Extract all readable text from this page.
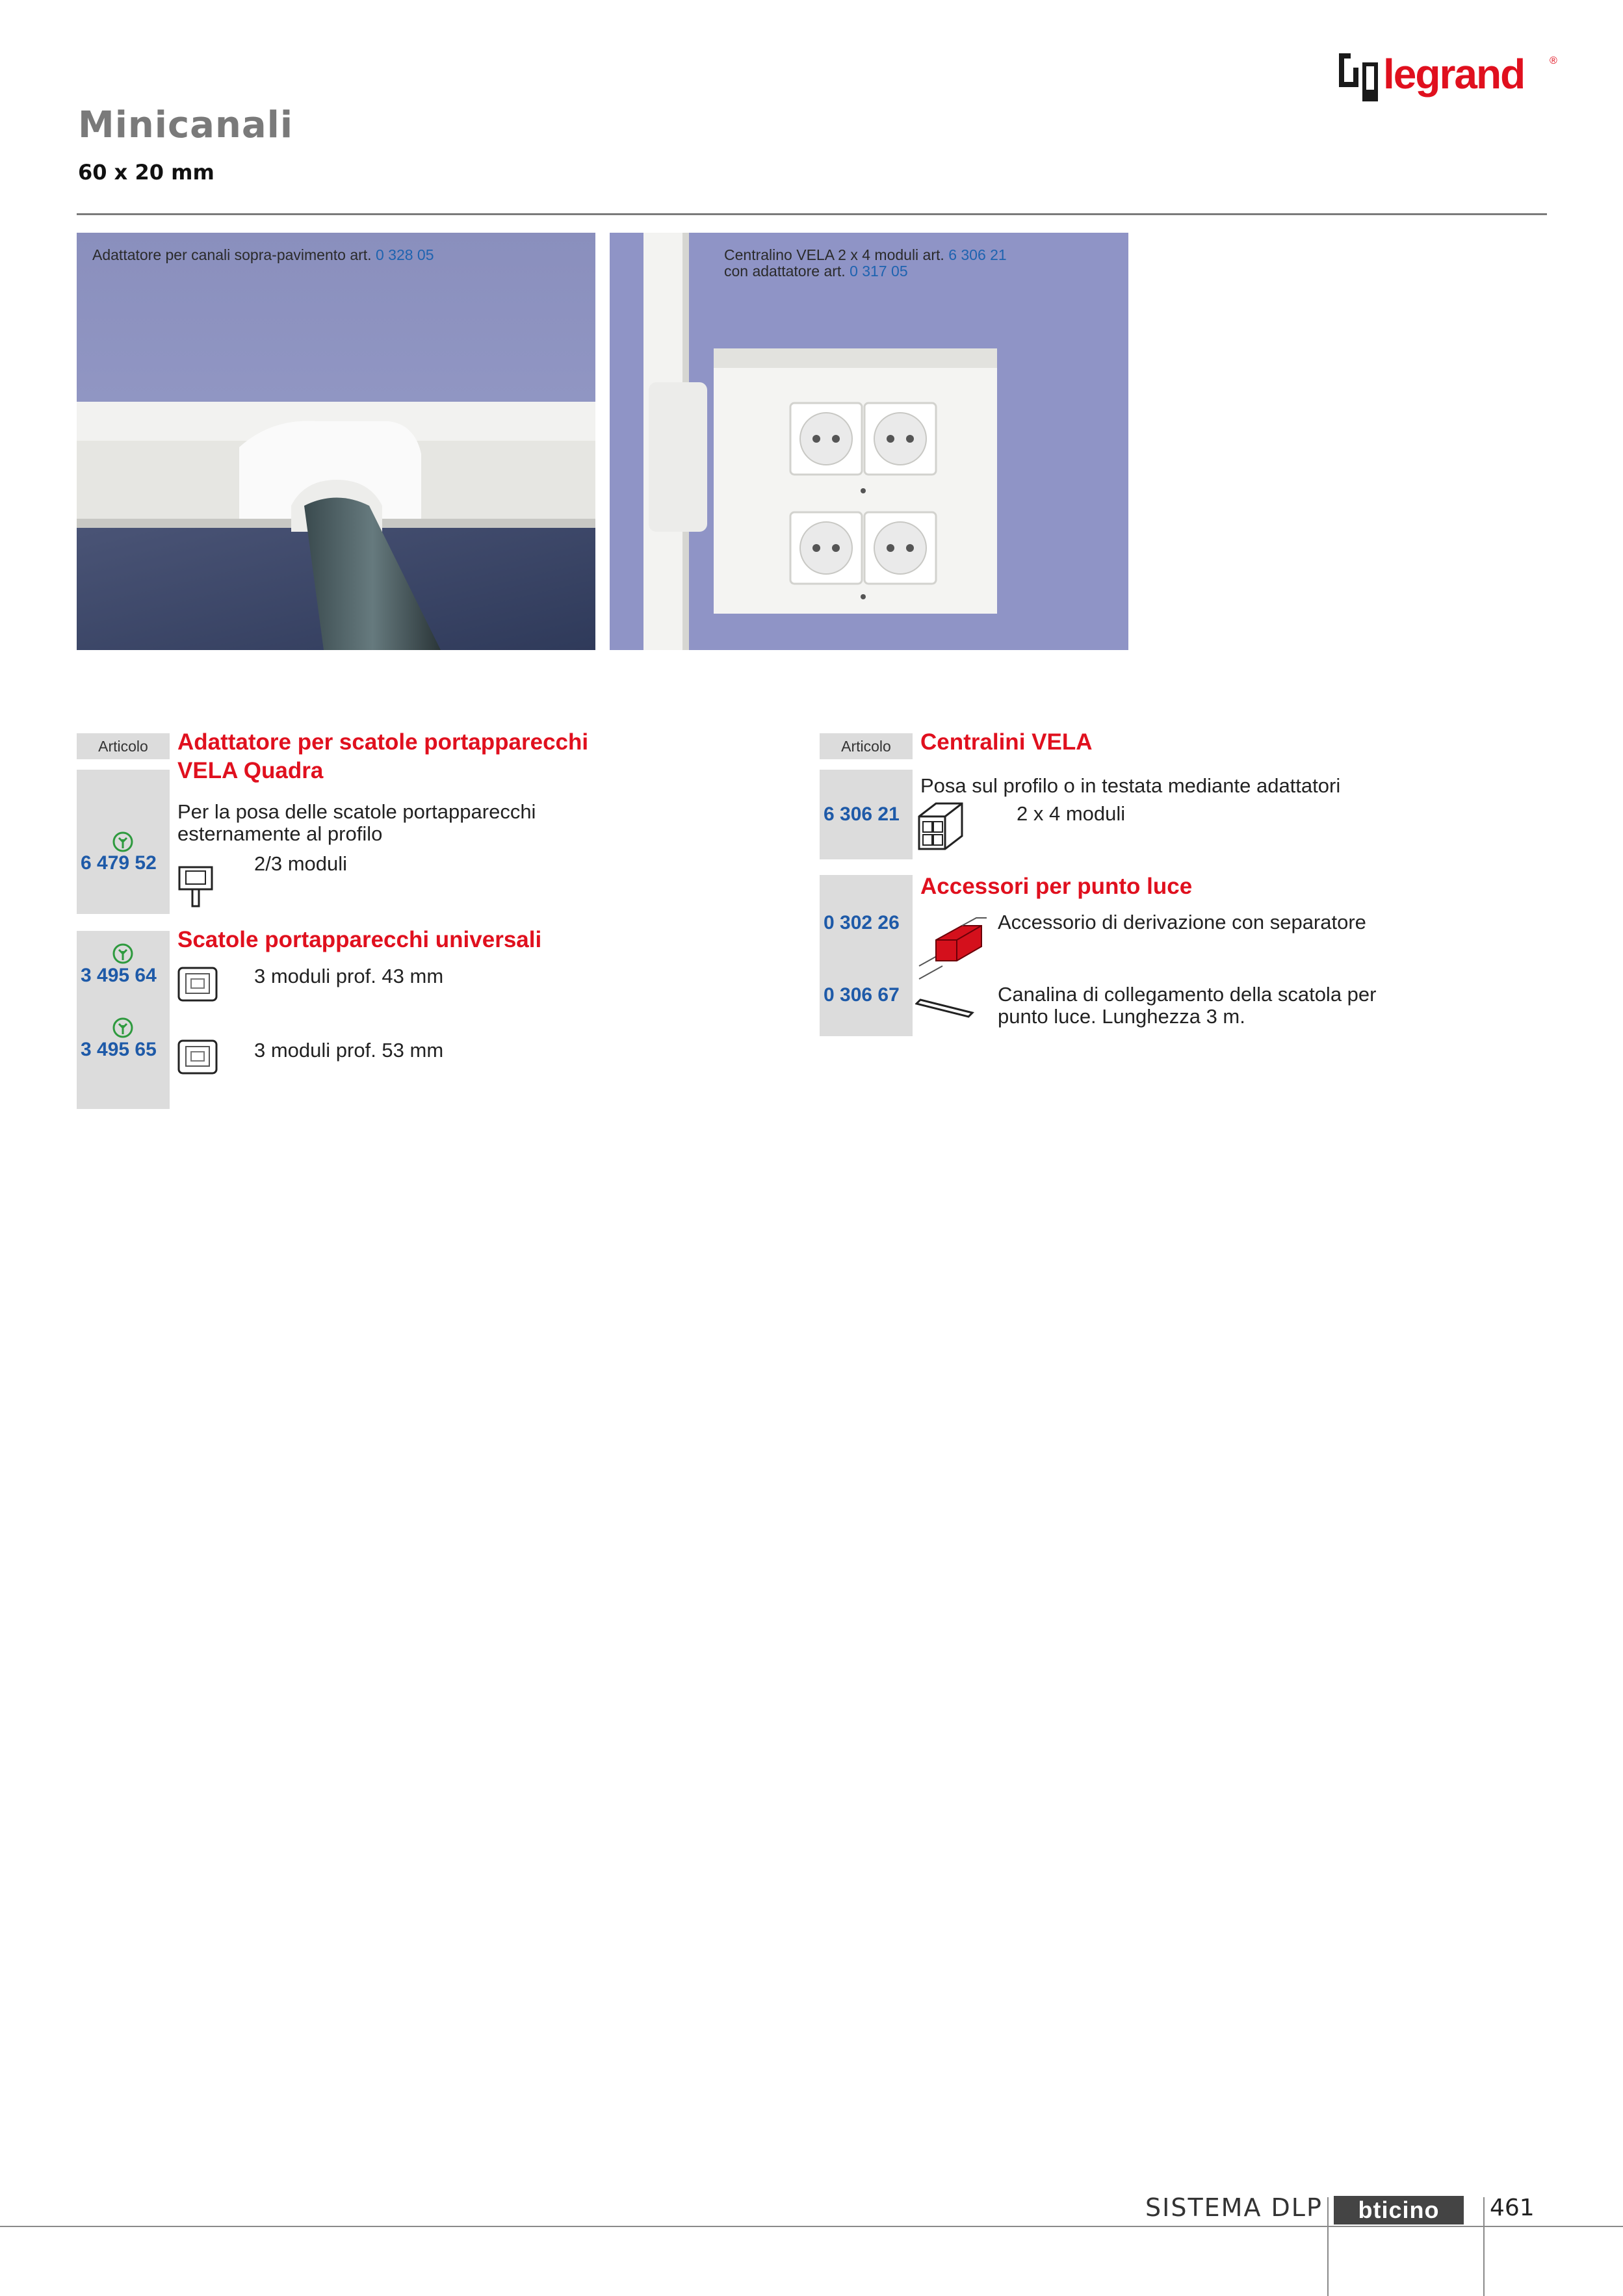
legrand ®
Minicanali
60 x 20 mm
Adattatore per canali sopra-pavimento art. 0 328 05	Centralino VELA 2 x 4 moduli art. 6 306 21
con adattatore art. 0 317 05
Articolo	Adattatore per scatole portapparecchi
VELA Quadra
Per la posa delle scatole portapparecchi
esternamente al profilo
6 479 52	2/3 moduli
Scatole portapparecchi universali
3 495 64	3 moduli prof. 43 mm
3 495 65	3 moduli prof. 53 mm
Articolo	Centralini VELA
Posa sul profilo o in testata mediante adattatori
6 306 21	2 x 4 moduli
Accessori per punto luce
0 302 26	Accessorio di derivazione con separatore
0 306 67	Canalina di collegamento della scatola per
punto luce. Lunghezza 3 m.
SISTEMA DLP bticino 461
